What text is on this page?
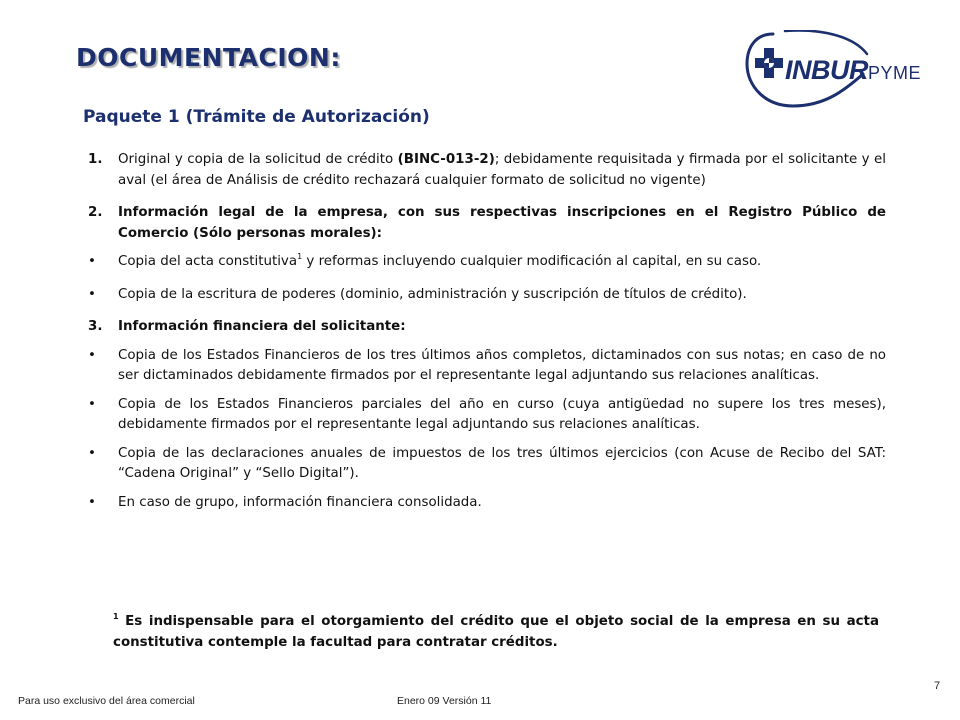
DOCUMENTACION:	INBURPYME
Paquete 1 (Trámite de Autorización)
1. Original y copia de la solicitud de crédito (BINC-013-2); debidamente requisitada y firmada por el solicitante y el aval (el área de Análisis de crédito rechazará cualquier formato de solicitud no vigente)
2. Información legal de la empresa, con sus respectivas inscripciones en el Registro Público de Comercio (Sólo personas morales):
• Copia del acta constitutiva$^1$ y reformas incluyendo cualquier modificación al capital, en su caso.
• Copia de la escritura de poderes (dominio, administración y suscripción de títulos de crédito).
3. Información financiera del solicitante:
• Copia de los Estados Financieros de los tres últimos años completos, dictaminados con sus notas; en caso de no ser dictaminados debidamente firmados por el representante legal adjuntando sus relaciones analíticas.
• Copia de los Estados Financieros parciales del año en curso (cuya antigüedad no supere los tres meses), debidamente firmados por el representante legal adjuntando sus relaciones analíticas.
• Copia de las declaraciones anuales de impuestos de los tres últimos ejercicios (con Acuse de Recibo del SAT: “Cadena Original” y “Sello Digital”).
• En caso de grupo, información financiera consolidada.
$^1$ Es indispensable para el otorgamiento del crédito que el objeto social de la empresa en su acta constitutiva contemple la facultad para contratar créditos.
Para uso exclusivo del área comercial	Enero 09 Versión 11
7
